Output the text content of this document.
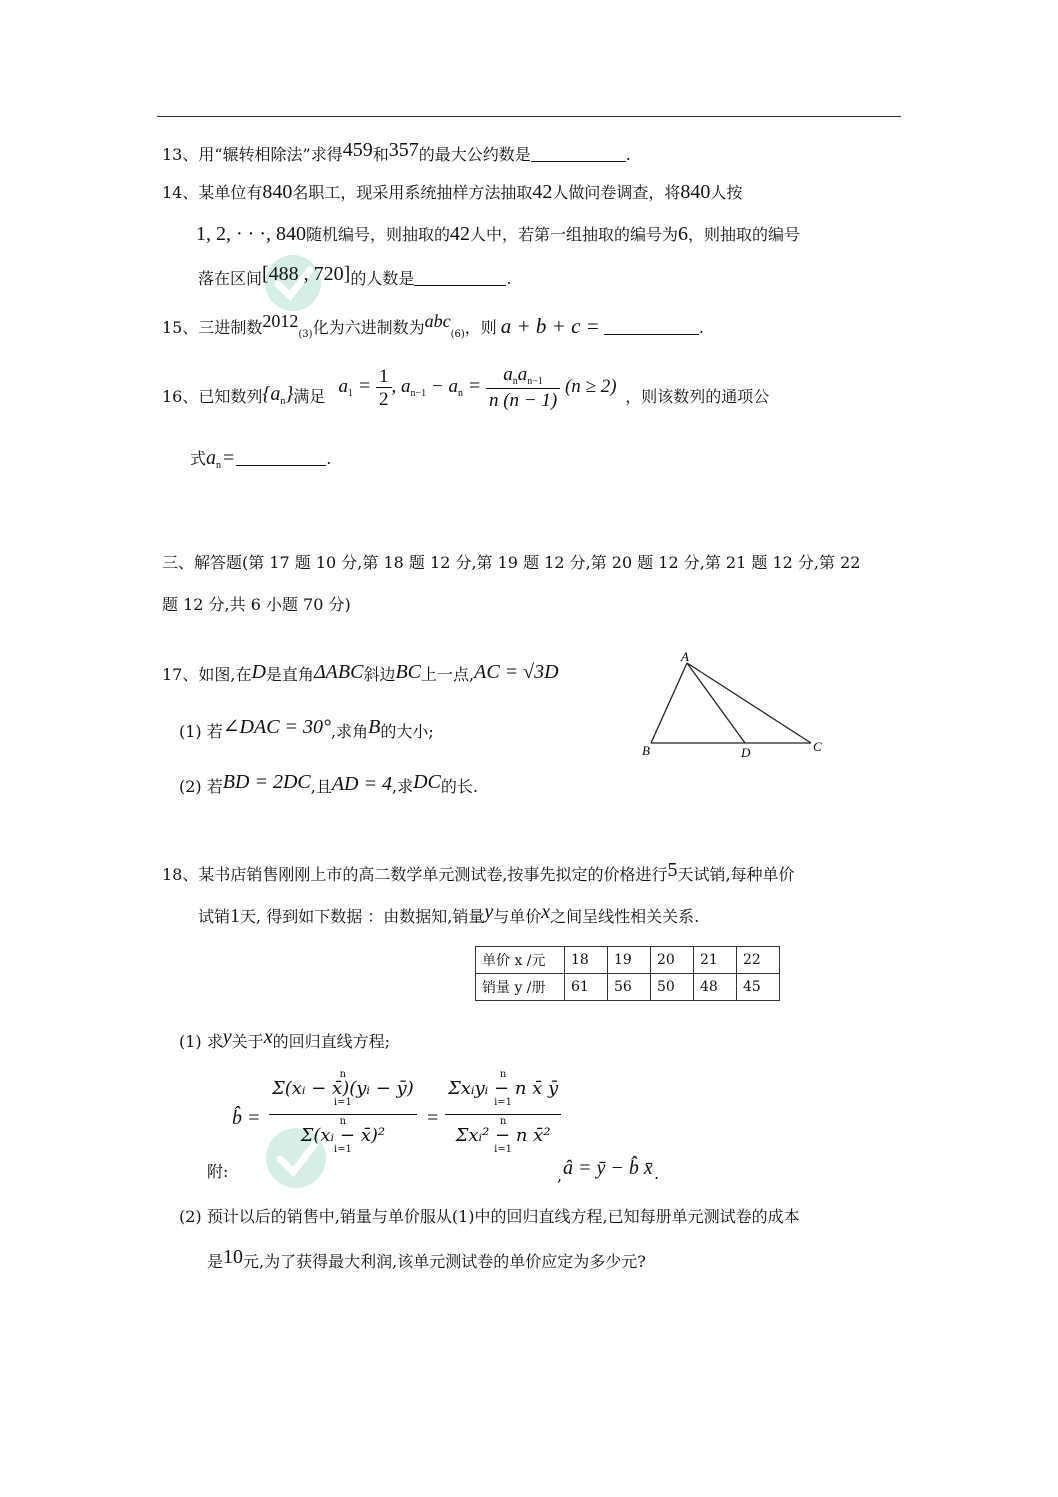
13、用“辗转相除法”求得459和357的最大公约数是	.
14、某单位有840名职工，现采用系统抽样方法抽取42人做问卷调查，将840人按
1, 2, · · ·, 840随机编号，则抽取的42人中，若第一组抽取的编号为6，则抽取的编号
落在区间[488 , 720]的人数是	.
15、三进制数$2012_{(3)}$化为六进制数为abc$_{(6)}$，则 a + b + c =	.
16、已知数列$\{a_n\}$满足 $a_1 = \frac{1}{2}$ , $a_{n-1} - a_n = \frac{a_na_{n-1}}{n (n - 1)} (n \ge 2)$ ，则该数列的通项公
式$a_n$ =	.
三、解答题(第 17 题 10 分,第 18 题 12 分,第 19 题 12 分,第 20 题 12 分,第 21 题 12 分,第 22
题 12 分,共 6 小题 70 分)
17、如图,在D是直角ΔABC斜边BC上一点,AC = √3D
(1) 若∠DAC = 30°,求角B的大小;
(2) 若BD = 2DC,且AD = 4,求DC的长.
A
B	C
D
18、某书店销售刚刚上市的高二数学单元测试卷,按事先拟定的价格进行5天试销,每种单价
试销1天, 得到如下数据 ：由数据知,销量y与单价x之间呈线性相关关系.
单价 x /元	18	19	20	21	22
销量 y /册	61	56	50	48	45
(1) 求y关于x的回归直线方程;
附:
b̂ = n
Σ(xᵢ − x̄)(yᵢ − ȳ)
i=1
n
Σ(xᵢ − x̄)²
i=1 =
n
Σxᵢyᵢ − n x̄ ȳ
i=1
n
Σxᵢ² − n x̄²
i=1
, â = ȳ − b̂ x̄ .
(2) 预计以后的销售中,销量与单价服从(1)中的回归直线方程,已知每册单元测试卷的成本
是10元,为了获得最大利润,该单元测试卷的单价应定为多少元?
